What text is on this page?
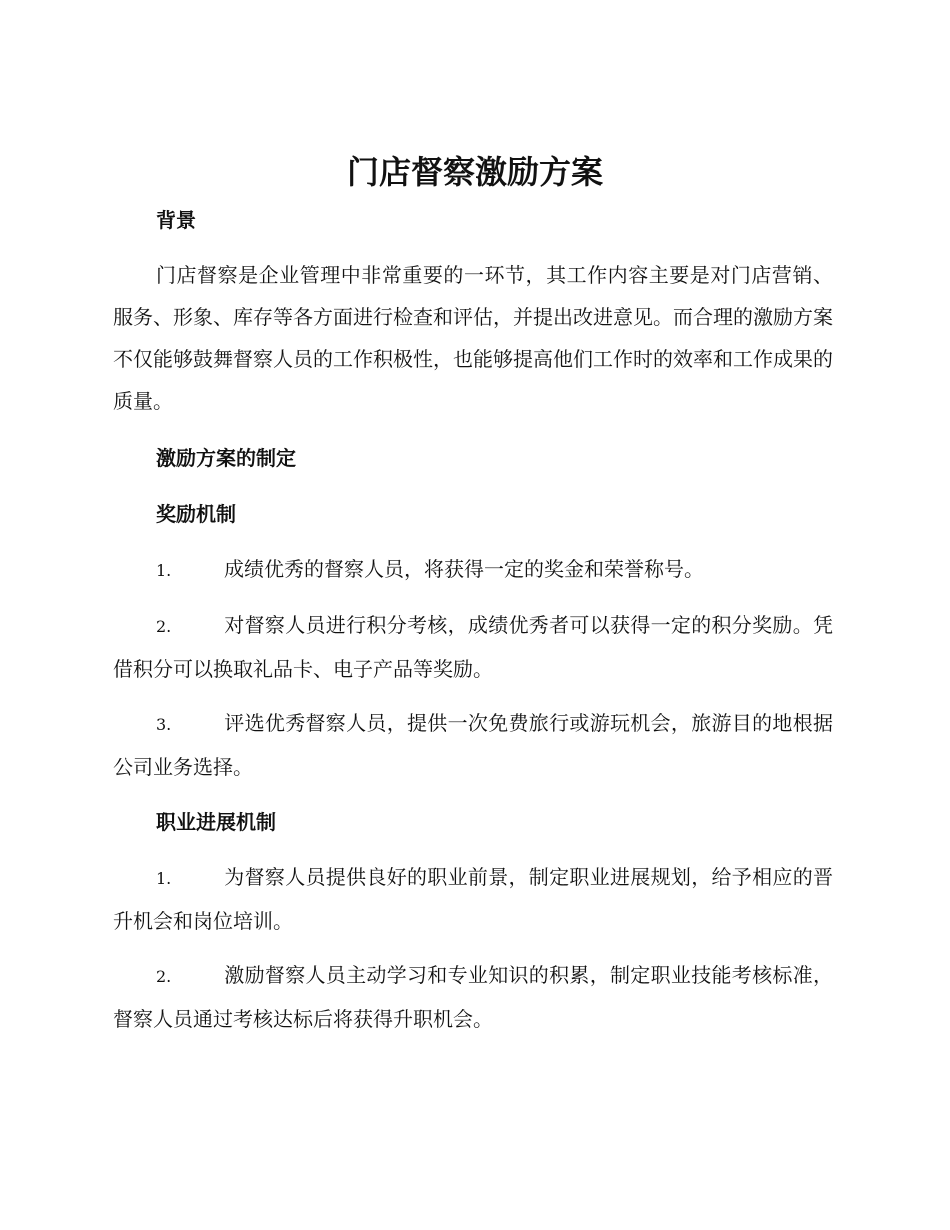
门店督察激励方案
背景

门店督察是企业管理中非常重要的一环节，其工作内容主要是对门店营销、服务、形象、库存等各方面进行检查和评估，并提出改进意见。而合理的激励方案不仅能够鼓舞督察人员的工作积极性，也能够提高他们工作时的效率和工作成果的质量。

激励方案的制定
奖励机制

1.	成绩优秀的督察人员，将获得一定的奖金和荣誉称号。

2.	对督察人员进行积分考核，成绩优秀者可以获得一定的积分奖励。凭借积分可以换取礼品卡、电子产品等奖励。

3.	评选优秀督察人员，提供一次免费旅行或游玩机会，旅游目的地根据公司业务选择。

职业进展机制

1.	为督察人员提供良好的职业前景，制定职业进展规划，给予相应的晋升机会和岗位培训。

2.	激励督察人员主动学习和专业知识的积累，制定职业技能考核标准，督察人员通过考核达标后将获得升职机会。
